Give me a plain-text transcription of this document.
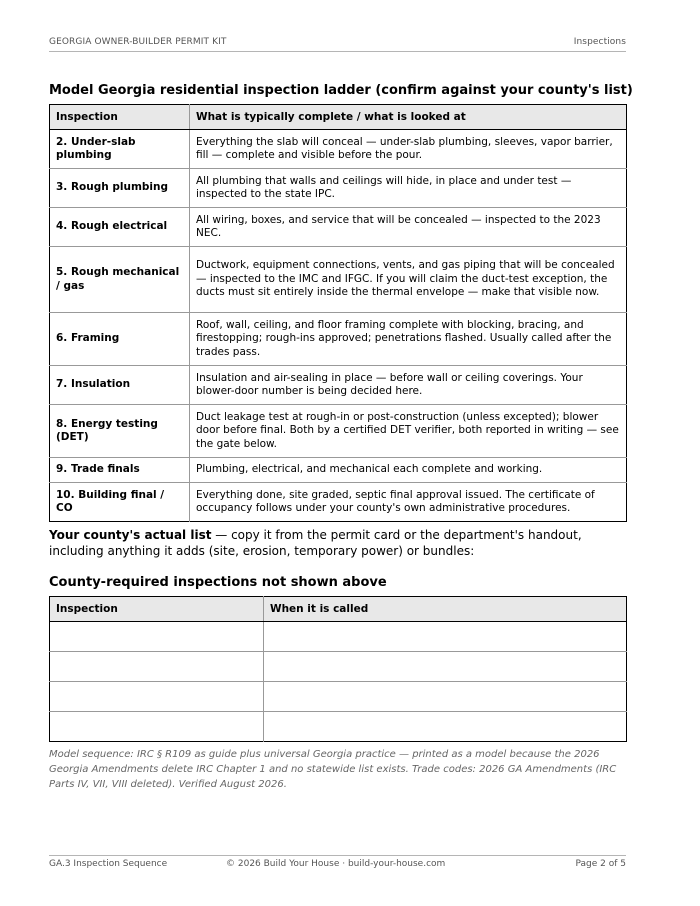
GEORGIA OWNER-BUILDER PERMIT KIT	Inspections
Model Georgia residential inspection ladder (confirm against your county's list)
Inspection	What is typically complete / what is looked at
2. Under-slab plumbing	Everything the slab will conceal — under-slab plumbing, sleeves, vapor barrier, fill — complete and visible before the pour.
3. Rough plumbing	All plumbing that walls and ceilings will hide, in place and under test — inspected to the state IPC.
4. Rough electrical	All wiring, boxes, and service that will be concealed — inspected to the 2023 NEC.
5. Rough mechanical / gas	Ductwork, equipment connections, vents, and gas piping that will be concealed — inspected to the IMC and IFGC. If you will claim the duct-test exception, the ducts must sit entirely inside the thermal envelope — make that visible now.
6. Framing	Roof, wall, ceiling, and floor framing complete with blocking, bracing, and firestopping; rough-ins approved; penetrations flashed. Usually called after the trades pass.
7. Insulation	Insulation and air-sealing in place — before wall or ceiling coverings. Your blower-door number is being decided here.
8. Energy testing (DET)	Duct leakage test at rough-in or post-construction (unless excepted); blower door before final. Both by a certified DET verifier, both reported in writing — see the gate below.
9. Trade finals	Plumbing, electrical, and mechanical each complete and working.
10. Building final / CO	Everything done, site graded, septic final approval issued. The certificate of occupancy follows under your county's own administrative procedures.

Your county's actual list — copy it from the permit card or the department's handout, including anything it adds (site, erosion, temporary power) or bundles:

County-required inspections not shown above
Inspection	When it is called

Model sequence: IRC § R109 as guide plus universal Georgia practice — printed as a model because the 2026 Georgia Amendments delete IRC Chapter 1 and no statewide list exists. Trade codes: 2026 GA Amendments (IRC Parts IV, VII, VIII deleted). Verified August 2026.

GA.3 Inspection Sequence	© 2026 Build Your House · build-your-house.com	Page 2 of 5
